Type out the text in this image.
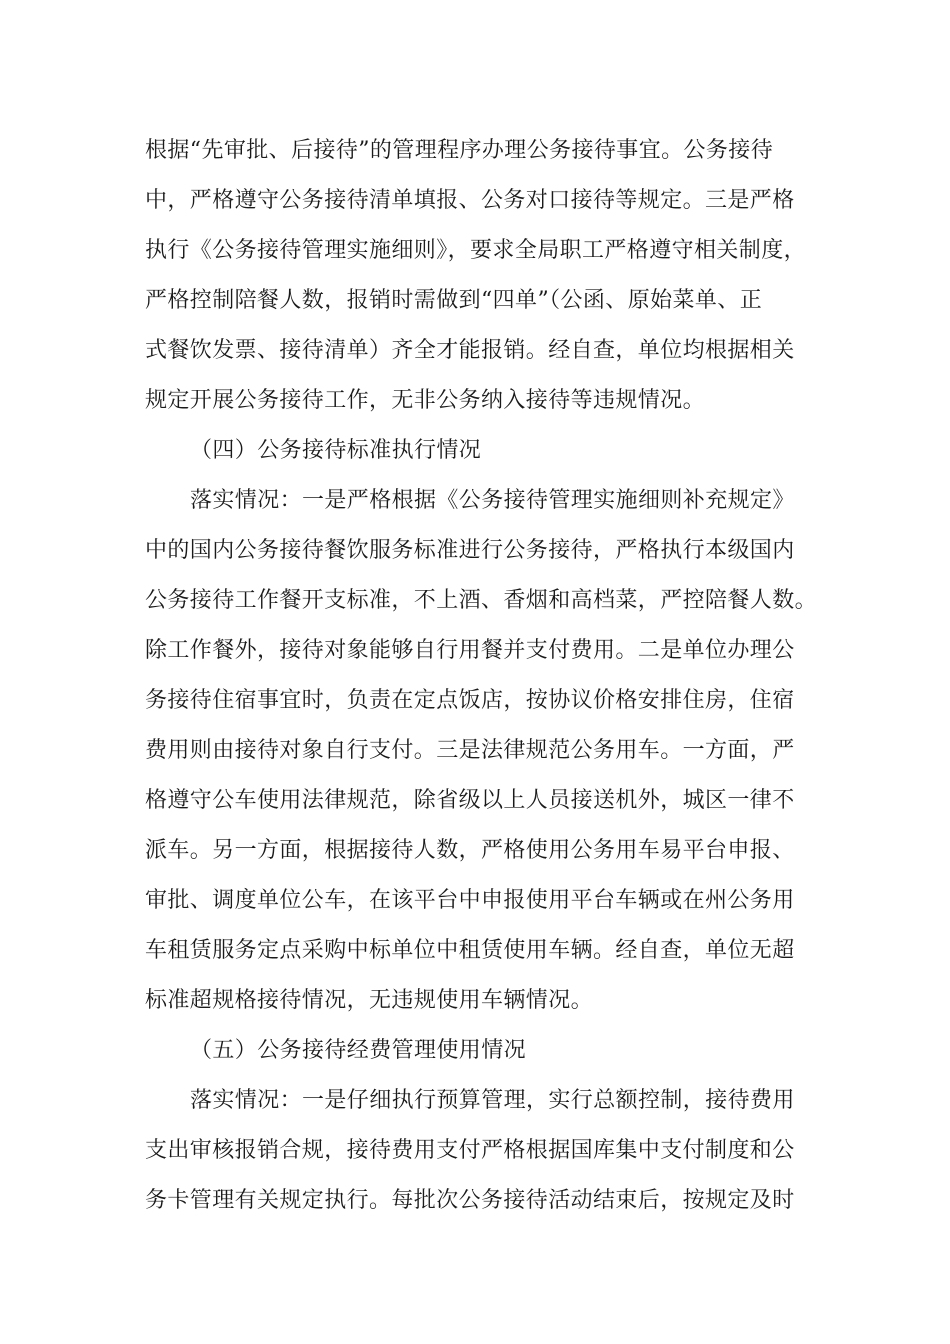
根据“先审批、后接待”的管理程序办理公务接待事宜。公务接待
中，严格遵守公务接待清单填报、公务对口接待等规定。三是严格
执行《公务接待管理实施细则》，要求全局职工严格遵守相关制度，
严格控制陪餐人数，报销时需做到“四单”（公函、原始菜单、正
式餐饮发票、接待清单）齐全才能报销。经自查，单位均根据相关
规定开展公务接待工作，无非公务纳入接待等违规情况。
（四）公务接待标准执行情况
落实情况：一是严格根据《公务接待管理实施细则补充规定》
中的国内公务接待餐饮服务标准进行公务接待，严格执行本级国内
公务接待工作餐开支标准，不上酒、香烟和高档菜，严控陪餐人数。
除工作餐外，接待对象能够自行用餐并支付费用。二是单位办理公
务接待住宿事宜时，负责在定点饭店，按协议价格安排住房，住宿
费用则由接待对象自行支付。三是法律规范公务用车。一方面，严
格遵守公车使用法律规范，除省级以上人员接送机外，城区一律不
派车。另一方面，根据接待人数，严格使用公务用车易平台申报、
审批、调度单位公车，在该平台中申报使用平台车辆或在州公务用
车租赁服务定点采购中标单位中租赁使用车辆。经自查，单位无超
标准超规格接待情况，无违规使用车辆情况。
（五）公务接待经费管理使用情况
落实情况：一是仔细执行预算管理，实行总额控制，接待费用
支出审核报销合规，接待费用支付严格根据国库集中支付制度和公
务卡管理有关规定执行。每批次公务接待活动结束后，按规定及时
